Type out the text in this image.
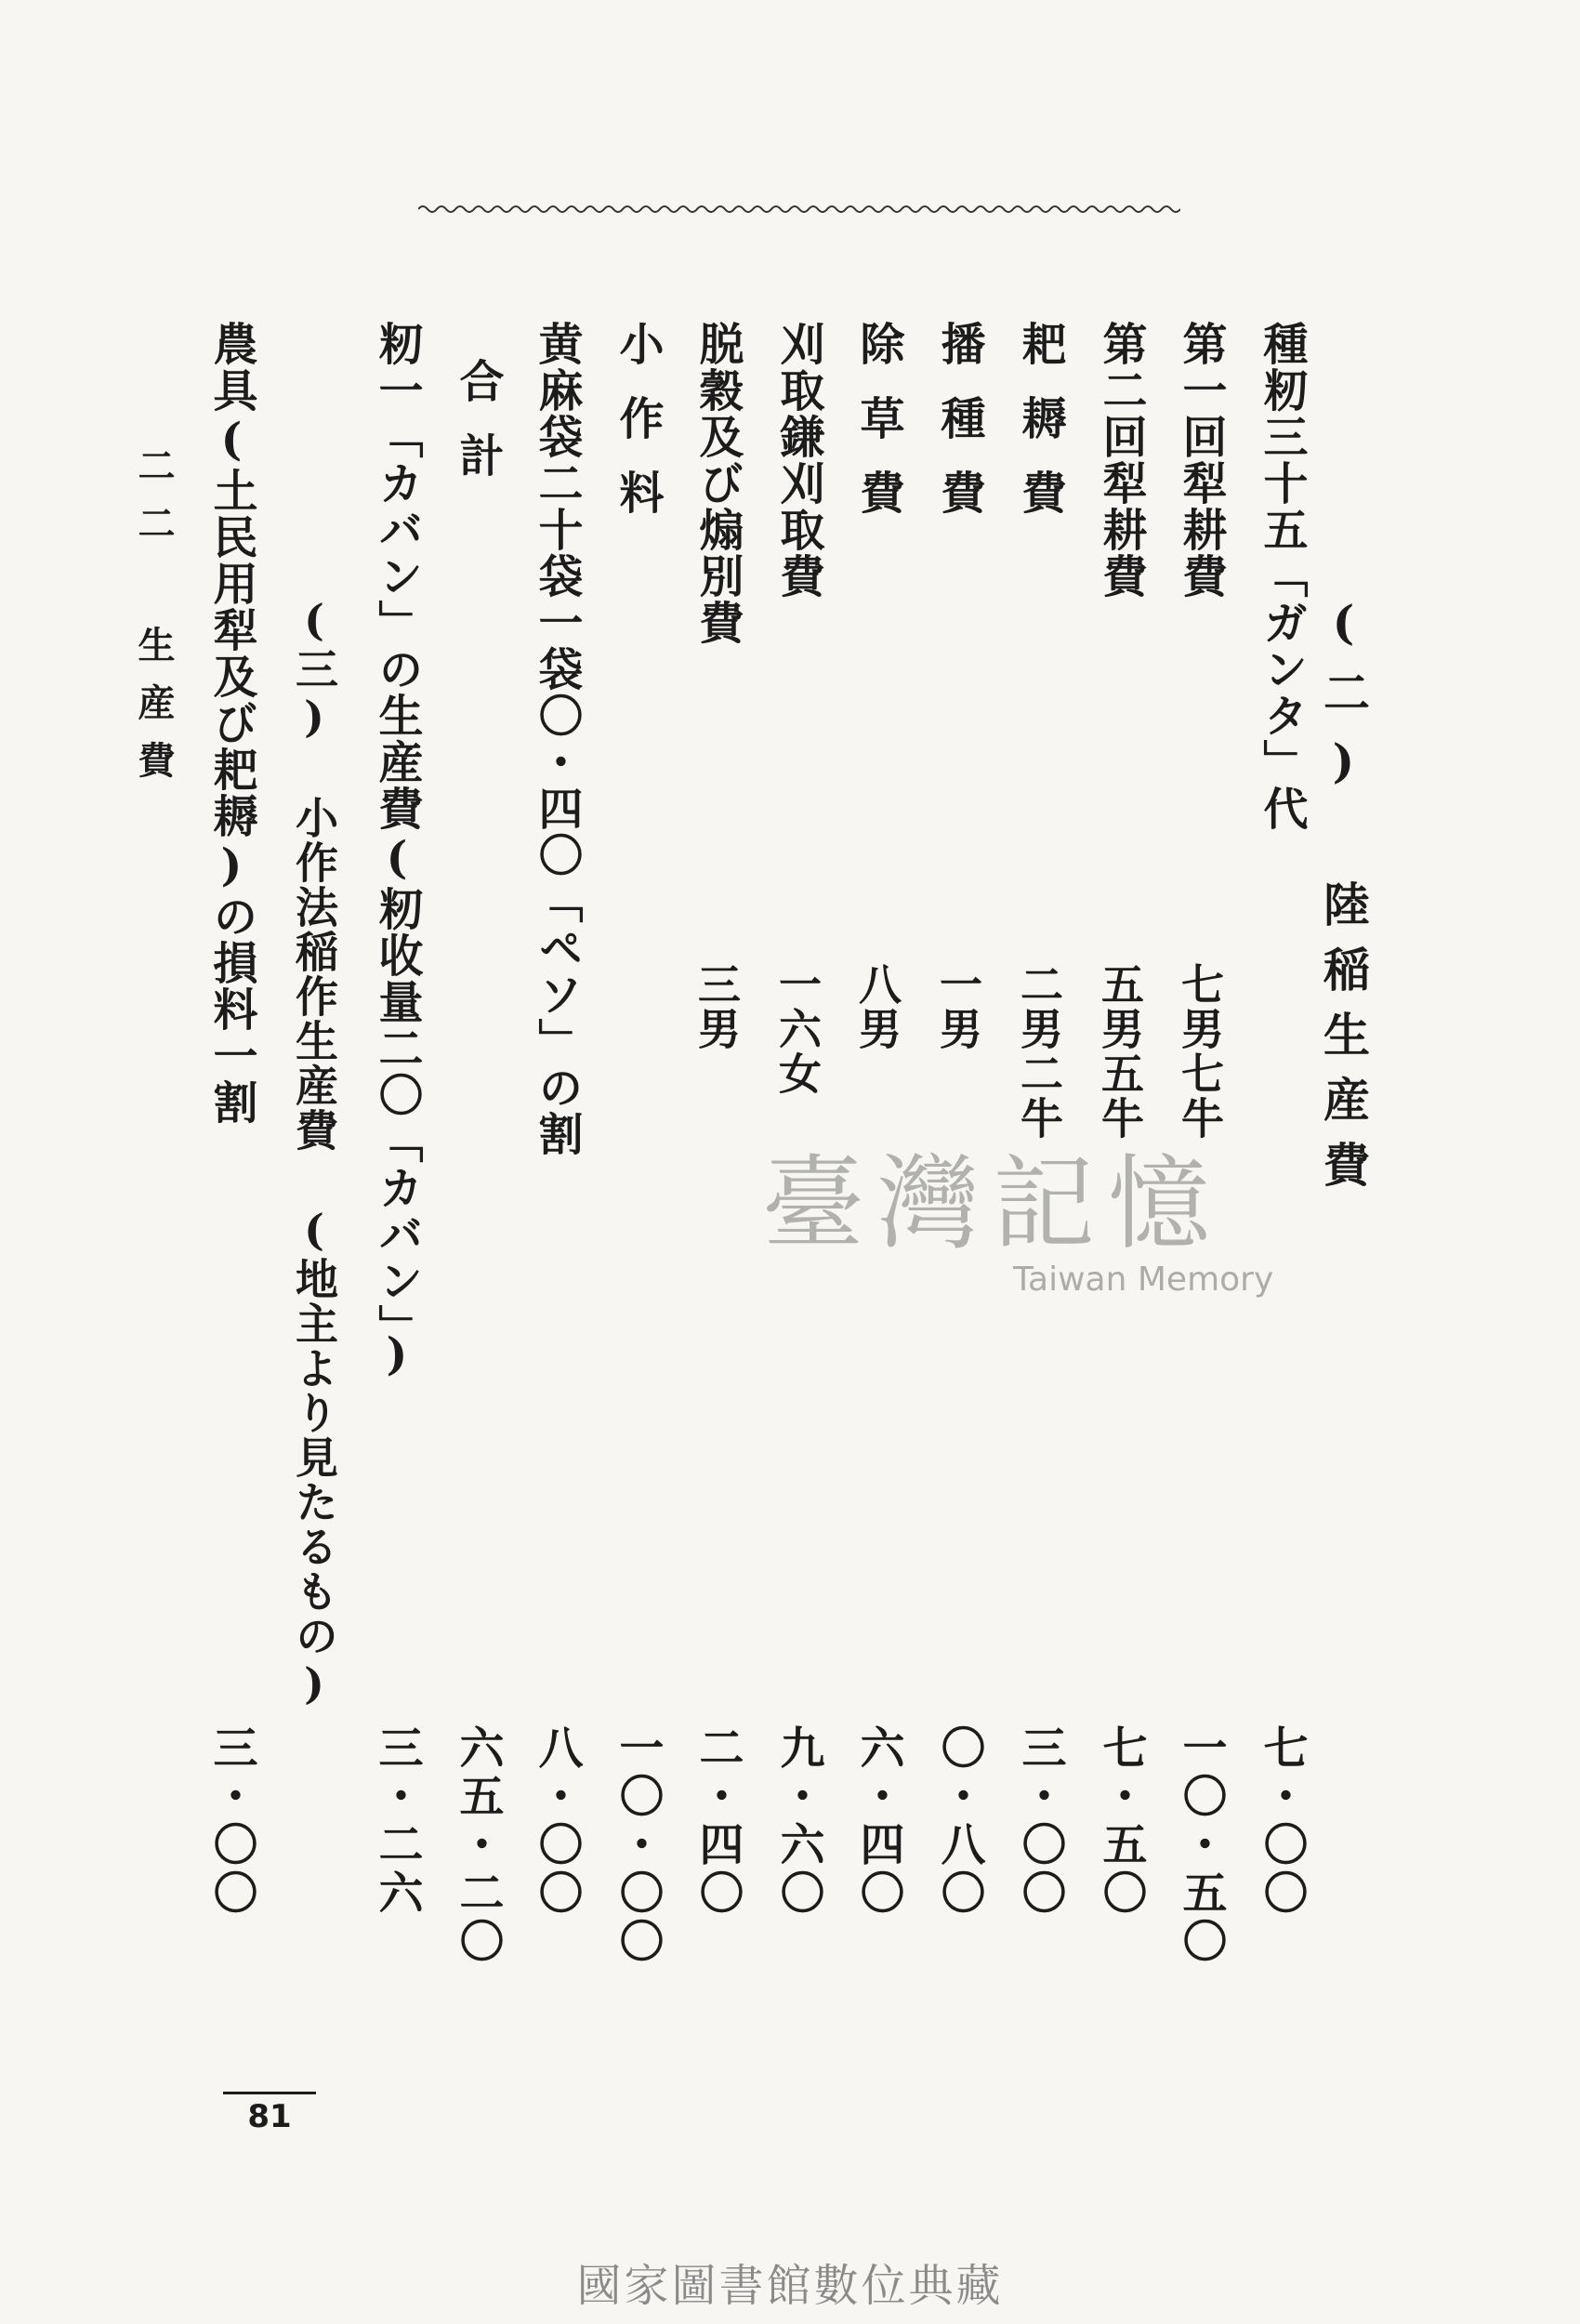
(二) 陸稲生産費
種籾三十五「ガンタ」代
七・〇〇
第一回犁耕費
七男七牛
一〇・五〇
第二回犁耕費
五男五牛
七・五〇
耙耨費
二男二牛
三・〇〇
播種費
一男
〇・八〇
除草費
八男
六・四〇
刈取鎌刈取費
一六女
九・六〇
脱穀及び煽別費
三男
二・四〇
小作料
一〇・〇〇
黄麻袋二十袋一袋〇・四〇「ペソ」の割
八・〇〇
合計
六五・二〇
籾一「カバン」の生産費(籾收量二〇「カバン」)
三・二六
(三) 小作法稲作生産費 (地主より見たるもの)
農具(土民用犁及び耙耨)の損料一割
三・〇〇
二二 生産費
81
臺灣記憶
Taiwan Memory
國家圖書館數位典藏
